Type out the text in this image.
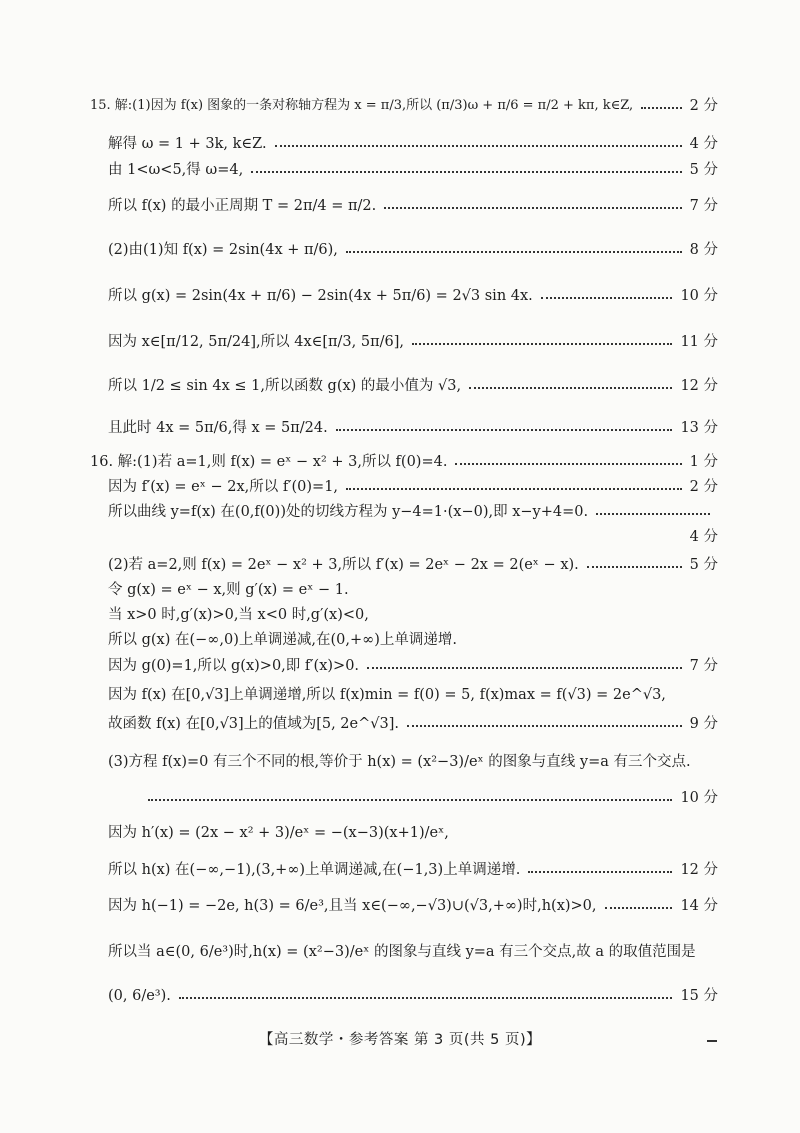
15. 解:(1)因为 f(x) 图象的一条对称轴方程为 x = π/3,所以 (π/3)ω + π/6 = π/2 + kπ, k∈Z,	2 分
解得 ω = 1 + 3k, k∈Z.	4 分
由 1<ω<5,得 ω=4,	5 分
所以 f(x) 的最小正周期 T = 2π/4 = π/2.	7 分
(2)由(1)知 f(x) = 2sin(4x + π/6),	8 分
所以 g(x) = 2sin(4x + π/6) − 2sin(4x + 5π/6) = 2√3 sin 4x.	10 分
因为 x∈[π/12, 5π/24],所以 4x∈[π/3, 5π/6],	11 分
所以 1/2 ≤ sin 4x ≤ 1,所以函数 g(x) 的最小值为 √3,	12 分
且此时 4x = 5π/6,得 x = 5π/24.	13 分
16. 解:(1)若 a=1,则 f(x) = eˣ − x² + 3,所以 f(0)=4.	1 分
因为 f′(x) = eˣ − 2x,所以 f′(0)=1,	2 分
所以曲线 y=f(x) 在(0,f(0))处的切线方程为 y−4=1·(x−0),即 x−y+4=0.
4 分
(2)若 a=2,则 f(x) = 2eˣ − x² + 3,所以 f′(x) = 2eˣ − 2x = 2(eˣ − x).	5 分
令 g(x) = eˣ − x,则 g′(x) = eˣ − 1.
当 x>0 时,g′(x)>0,当 x<0 时,g′(x)<0,
所以 g(x) 在(−∞,0)上单调递减,在(0,+∞)上单调递增.
因为 g(0)=1,所以 g(x)>0,即 f′(x)>0.	7 分
因为 f(x) 在[0,√3]上单调递增,所以 f(x)min = f(0) = 5, f(x)max = f(√3) = 2e^√3,
故函数 f(x) 在[0,√3]上的值域为[5, 2e^√3].	9 分
(3)方程 f(x)=0 有三个不同的根,等价于 h(x) = (x²−3)/eˣ 的图象与直线 y=a 有三个交点.
10 分
因为 h′(x) = (2x − x² + 3)/eˣ = −(x−3)(x+1)/eˣ,
所以 h(x) 在(−∞,−1),(3,+∞)上单调递减,在(−1,3)上单调递增.	12 分
因为 h(−1) = −2e, h(3) = 6/e³,且当 x∈(−∞,−√3)∪(√3,+∞)时,h(x)>0,	14 分
所以当 a∈(0, 6/e³)时,h(x) = (x²−3)/eˣ 的图象与直线 y=a 有三个交点,故 a 的取值范围是
(0, 6/e³).	15 分
【高三数学・参考答案 第 3 页(共 5 页)】
